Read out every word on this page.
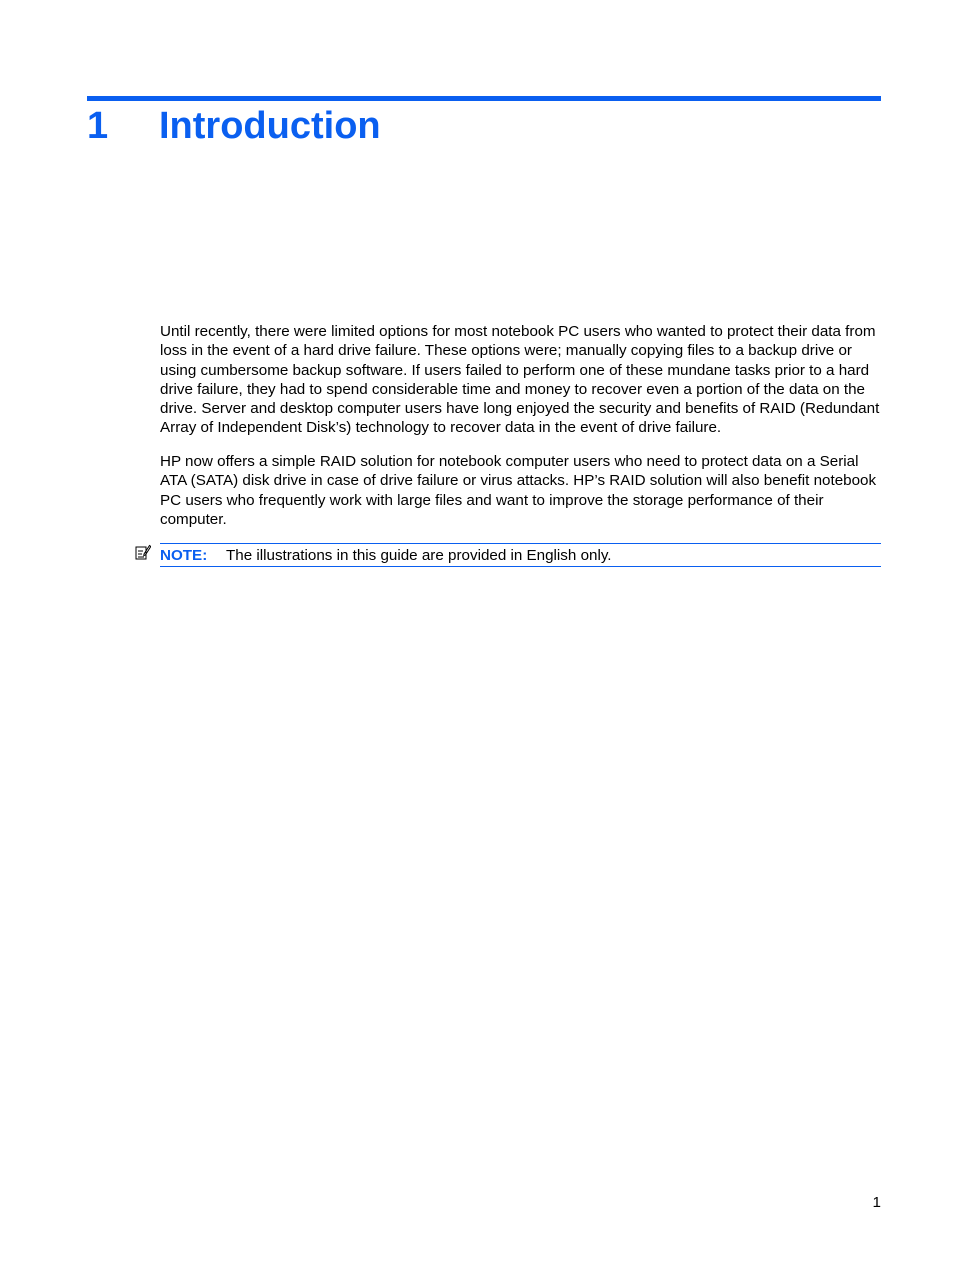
1	Introduction

Until recently, there were limited options for most notebook PC users who wanted to protect their data from loss in the event of a hard drive failure. These options were; manually copying files to a backup drive or using cumbersome backup software. If users failed to perform one of these mundane tasks prior to a hard drive failure, they had to spend considerable time and money to recover even a portion of the data on the drive. Server and desktop computer users have long enjoyed the security and benefits of RAID (Redundant Array of Independent Disk’s) technology to recover data in the event of drive failure.

HP now offers a simple RAID solution for notebook computer users who need to protect data on a Serial ATA (SATA) disk drive in case of drive failure or virus attacks. HP’s RAID solution will also benefit notebook PC users who frequently work with large files and want to improve the storage performance of their computer.

NOTE:	The illustrations in this guide are provided in English only.
1
